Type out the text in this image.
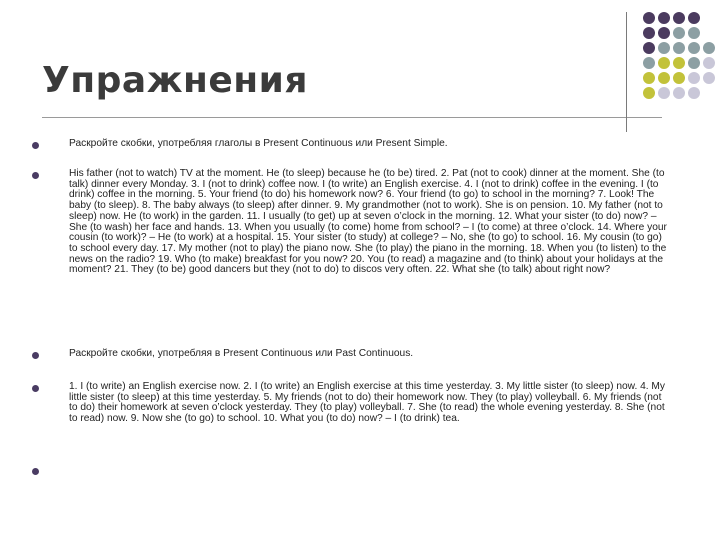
Упражнения

Раскройте скобки, употребляя глаголы в Present Continuous или Present Simple.

His father (not to watch) TV at the moment. He (to sleep) because he (to be) tired. 2. Pat (not to cook) dinner at the moment. She (to talk) dinner every Monday. 3. I (not to drink) coffee now. I (to write) an English exercise. 4. I (not to drink) coffee in the evening. I (to drink) coffee in the morning. 5. Your friend (to do) his homework now? 6. Your friend (to go) to school in the morning? 7. Look! The baby (to sleep). 8. The baby always (to sleep) after dinner. 9. My grandmother (not to work). She is on pension. 10. My father (not to sleep) now. He (to work) in the garden. 11. I usually (to get) up at seven o’clock in the morning. 12. What your sister (to do) now? – She (to wash) her face and hands. 13. When you usually (to come) home from school? – I (to come) at three o’clock. 14. Where your cousin (to work)? – He (to work) at a hospital. 15. Your sister (to study) at college? – No, she (to go) to school. 16. My cousin (to go) to school every day. 17. My mother (not to play) the piano now. She (to play) the piano in the morning. 18. When you (to listen) to the news on the radio? 19. Who (to make) breakfast for you now? 20. You (to read) a magazine and (to think) about your holidays at the moment? 21. They (to be) good dancers but they (not to do) to discos very often. 22. What she (to talk) about right now?

Раскройте скобки, употребляя в Present Continuous или Past Continuous.

1. I (to write) an English exercise now. 2. I (to write) an English exercise at this time yesterday. 3. My little sister (to sleep) now. 4. My little sister (to sleep) at this time yesterday. 5. My friends (not to do) their homework now. They (to play) volleyball. 6. My friends (not to do) their homework at seven o’clock yesterday. They (to play) volleyball. 7. She (to read) the whole evening yesterday. 8. She (not to read) now. 9. Now she (to go) to school. 10. What you (to do) now? – I (to drink) tea.
